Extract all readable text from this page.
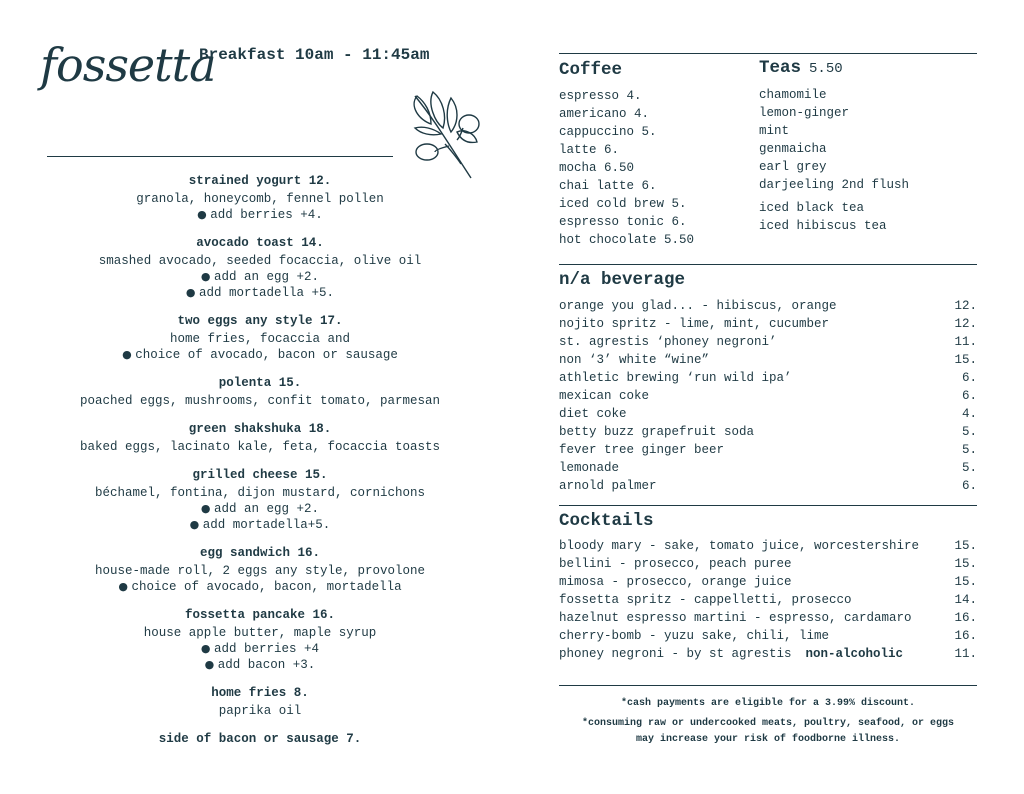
fossetta
Breakfast 10am - 11:45am
strained yogurt 12.
granola, honeycomb, fennel pollen
● add berries +4.
avocado toast 14.
smashed avocado, seeded focaccia, olive oil
● add an egg +2.
● add mortadella +5.
two eggs any style 17.
home fries, focaccia and
● choice of avocado, bacon or sausage
polenta 15.
poached eggs, mushrooms, confit tomato, parmesan
green shakshuka 18.
baked eggs, lacinato kale, feta, focaccia toasts
grilled cheese 15.
béchamel, fontina, dijon mustard, cornichons
● add an egg +2.
● add mortadella+5.
egg sandwich 16.
house-made roll, 2 eggs any style, provolone
● choice of avocado, bacon, mortadella
fossetta pancake 16.
house apple butter, maple syrup
● add berries +4
● add bacon +3.
home fries 8.
paprika oil
side of bacon or sausage 7.
Coffee
espresso 4.
americano 4.
cappuccino 5.
latte 6.
mocha 6.50
chai latte 6.
iced cold brew 5.
espresso tonic 6.
hot chocolate 5.50
Teas 5.50
chamomile
lemon-ginger
mint
genmaicha
earl grey
darjeeling 2nd flush
iced black tea
iced hibiscus tea
n/a beverage
orange you glad... - hibiscus, orange	12.
nojito spritz - lime, mint, cucumber	12.
st. agrestis ‘phoney negroni’	11.
non ‘3’ white “wine”	15.
athletic brewing ‘run wild ipa’	6.
mexican coke	6.
diet coke	4.
betty buzz grapefruit soda	5.
fever tree ginger beer	5.
lemonade	5.
arnold palmer	6.
Cocktails
bloody mary - sake, tomato juice, worcestershire	15.
bellini - prosecco, peach puree	15.
mimosa - prosecco, orange juice	15.
fossetta spritz - cappelletti, prosecco	14.
hazelnut espresso martini - espresso, cardamaro	16.
cherry-bomb - yuzu sake, chili, lime	16.
phoney negroni - by st agrestis non-alcoholic	11.
*cash payments are eligible for a 3.99% discount.
*consuming raw or undercooked meats, poultry, seafood, or eggs
may increase your risk of foodborne illness.
